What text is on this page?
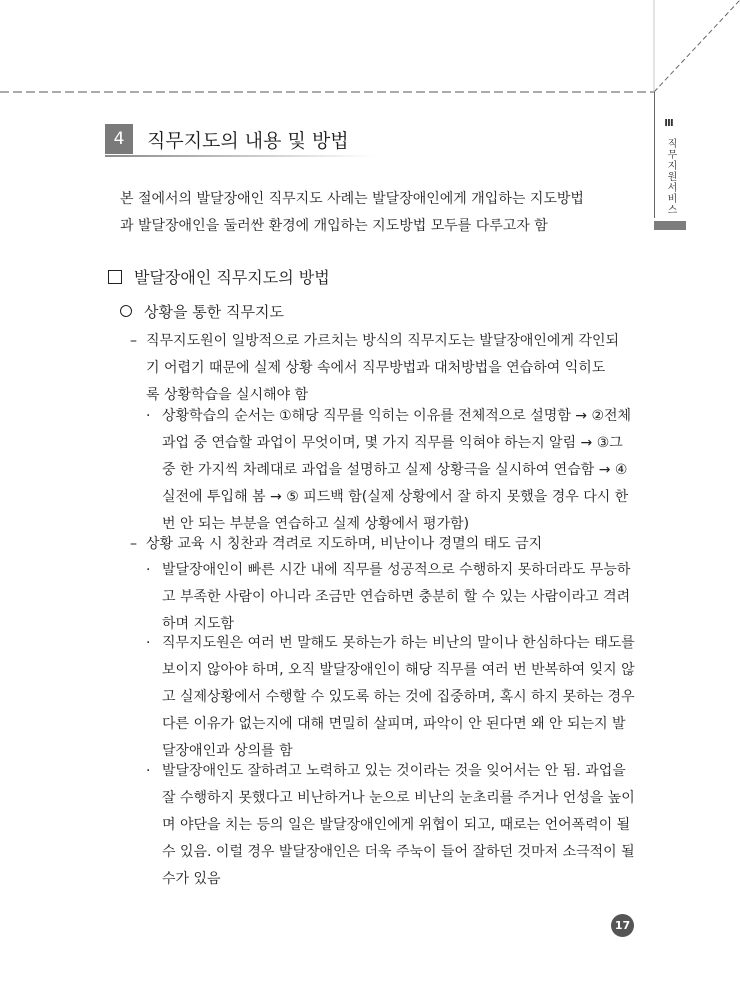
Ⅲ
직무지원서비스
4	직무지도의 내용 및 방법
본 절에서의 발달장애인 직무지도 사례는 발달장애인에게 개입하는 지도방법
과 발달장애인을 둘러싼 환경에 개입하는 지도방법 모두를 다루고자 함
발달장애인 직무지도의 방법
상황을 통한 직무지도
– 직무지도원이 일방적으로 가르치는 방식의 직무지도는 발달장애인에게 각인되
기 어렵기 때문에 실제 상황 속에서 직무방법과 대처방법을 연습하여 익히도
록 상황학습을 실시해야 함
· 상황학습의 순서는 ①해당 직무를 익히는 이유를 전체적으로 설명함 → ②전체
과업 중 연습할 과업이 무엇이며, 몇 가지 직무를 익혀야 하는지 알림 → ③그
중 한 가지씩 차례대로 과업을 설명하고 실제 상황극을 실시하여 연습함 → ④
실전에 투입해 봄 → ⑤ 피드백 함(실제 상황에서 잘 하지 못했을 경우 다시 한
번 안 되는 부분을 연습하고 실제 상황에서 평가함)
– 상황 교육 시 칭찬과 격려로 지도하며, 비난이나 경멸의 태도 금지
· 발달장애인이 빠른 시간 내에 직무를 성공적으로 수행하지 못하더라도 무능하
고 부족한 사람이 아니라 조금만 연습하면 충분히 할 수 있는 사람이라고 격려
하며 지도함
· 직무지도원은 여러 번 말해도 못하는가 하는 비난의 말이나 한심하다는 태도를
보이지 않아야 하며, 오직 발달장애인이 해당 직무를 여러 번 반복하여 잊지 않
고 실제상황에서 수행할 수 있도록 하는 것에 집중하며, 혹시 하지 못하는 경우
다른 이유가 없는지에 대해 면밀히 살피며, 파악이 안 된다면 왜 안 되는지 발
달장애인과 상의를 함
· 발달장애인도 잘하려고 노력하고 있는 것이라는 것을 잊어서는 안 됨. 과업을
잘 수행하지 못했다고 비난하거나 눈으로 비난의 눈초리를 주거나 언성을 높이
며 야단을 치는 등의 일은 발달장애인에게 위협이 되고, 때로는 언어폭력이 될
수 있음. 이럴 경우 발달장애인은 더욱 주눅이 들어 잘하던 것마저 소극적이 될
수가 있음
17
